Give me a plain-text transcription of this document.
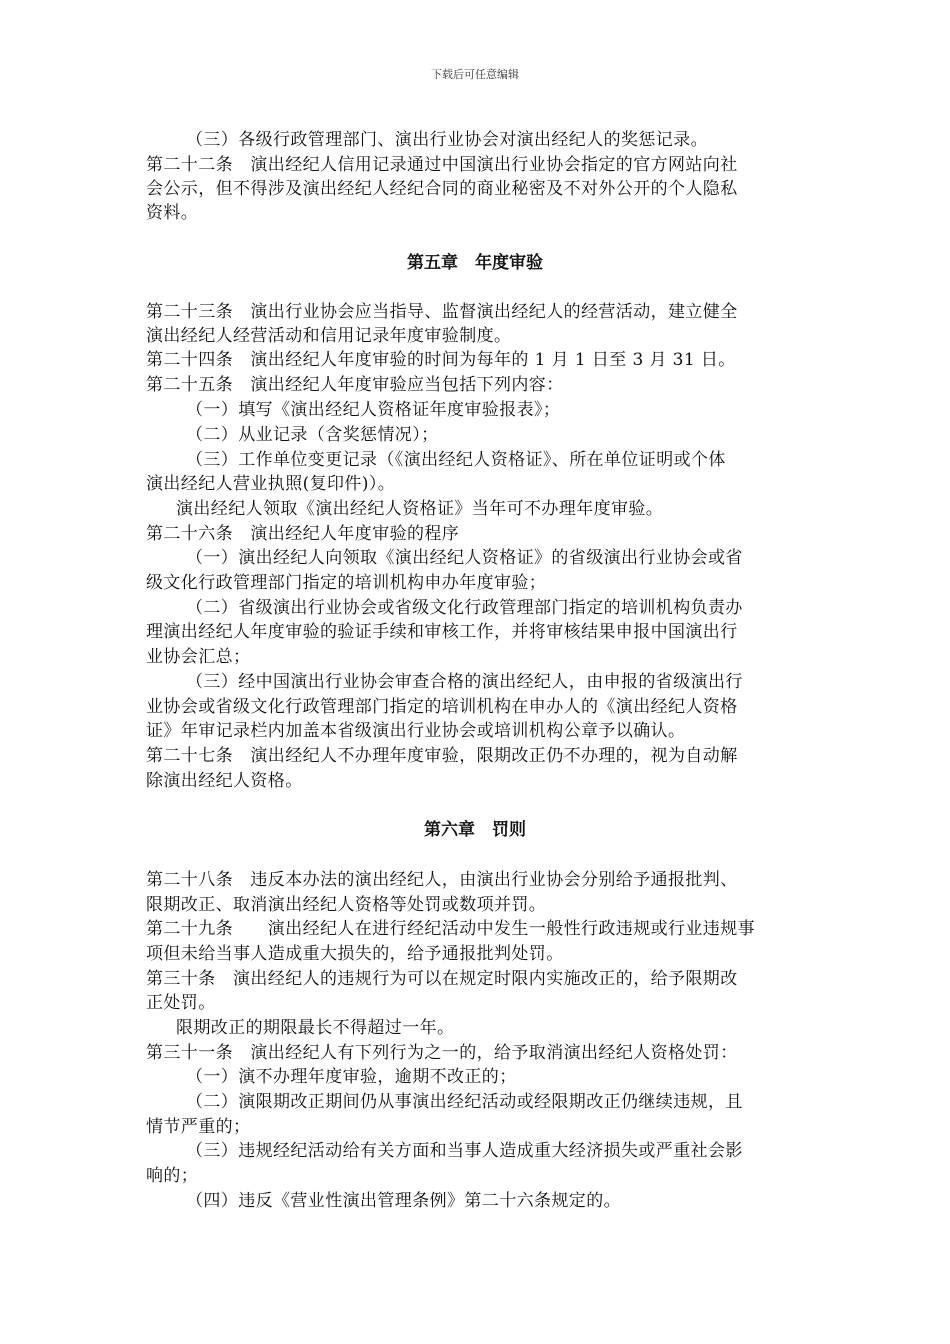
下载后可任意编辑
（三）各级行政管理部门、演出行业协会对演出经纪人的奖惩记录。
第二十二条　演出经纪人信用记录通过中国演出行业协会指定的官方网站向社
会公示，但不得涉及演出经纪人经纪合同的商业秘密及不对外公开的个人隐私
资料。
第五章　年度审验
第二十三条　演出行业协会应当指导、监督演出经纪人的经营活动，建立健全
演出经纪人经营活动和信用记录年度审验制度。
第二十四条　演出经纪人年度审验的时间为每年的 1 月 1 日至 3 月 31 日。
第二十五条　演出经纪人年度审验应当包括下列内容：
（一）填写《演出经纪人资格证年度审验报表》；
（二）从业记录（含奖惩情况）；
（三）工作单位变更记录（《演出经纪人资格证》、所在单位证明或个体
演出经纪人营业执照(复印件)）。
演出经纪人领取《演出经纪人资格证》当年可不办理年度审验。
第二十六条　演出经纪人年度审验的程序
（一）演出经纪人向领取《演出经纪人资格证》的省级演出行业协会或省
级文化行政管理部门指定的培训机构申办年度审验；
（二）省级演出行业协会或省级文化行政管理部门指定的培训机构负责办
理演出经纪人年度审验的验证手续和审核工作，并将审核结果申报中国演出行
业协会汇总；
（三）经中国演出行业协会审查合格的演出经纪人，由申报的省级演出行
业协会或省级文化行政管理部门指定的培训机构在申办人的《演出经纪人资格
证》年审记录栏内加盖本省级演出行业协会或培训机构公章予以确认。
第二十七条　演出经纪人不办理年度审验，限期改正仍不办理的，视为自动解
除演出经纪人资格。
第六章　罚则
第二十八条　违反本办法的演出经纪人，由演出行业协会分别给予通报批判、
限期改正、取消演出经纪人资格等处罚或数项并罚。
第二十九条　　演出经纪人在进行经纪活动中发生一般性行政违规或行业违规事
项但未给当事人造成重大损失的，给予通报批判处罚。
第三十条　演出经纪人的违规行为可以在规定时限内实施改正的，给予限期改
正处罚。
限期改正的期限最长不得超过一年。
第三十一条　演出经纪人有下列行为之一的，给予取消演出经纪人资格处罚：
（一）演不办理年度审验，逾期不改正的；
（二）演限期改正期间仍从事演出经纪活动或经限期改正仍继续违规，且
情节严重的；
（三）违规经纪活动给有关方面和当事人造成重大经济损失或严重社会影
响的；
（四）违反《营业性演出管理条例》第二十六条规定的。
